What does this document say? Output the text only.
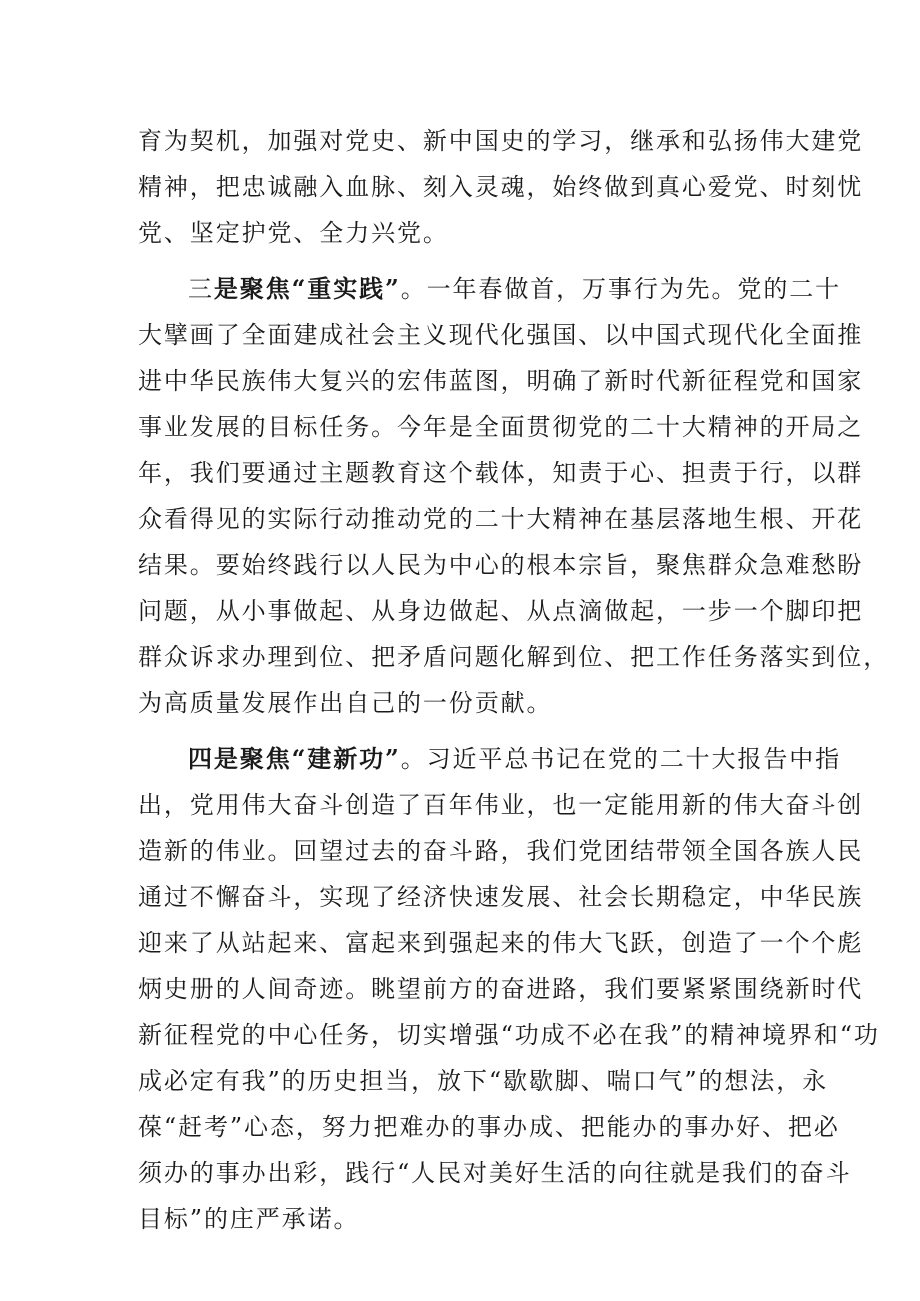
育为契机，加强对党史、新中国史的学习，继承和弘扬伟大建党
精神，把忠诚融入血脉、刻入灵魂，始终做到真心爱党、时刻忧
党、坚定护党、全力兴党。
三是聚焦“重实践”。一年春做首，万事行为先。党的二十
大擘画了全面建成社会主义现代化强国、以中国式现代化全面推
进中华民族伟大复兴的宏伟蓝图，明确了新时代新征程党和国家
事业发展的目标任务。今年是全面贯彻党的二十大精神的开局之
年，我们要通过主题教育这个载体，知责于心、担责于行，以群
众看得见的实际行动推动党的二十大精神在基层落地生根、开花
结果。要始终践行以人民为中心的根本宗旨，聚焦群众急难愁盼
问题，从小事做起、从身边做起、从点滴做起，一步一个脚印把
群众诉求办理到位、把矛盾问题化解到位、把工作任务落实到位，
为高质量发展作出自己的一份贡献。
四是聚焦“建新功”。习近平总书记在党的二十大报告中指
出，党用伟大奋斗创造了百年伟业，也一定能用新的伟大奋斗创
造新的伟业。回望过去的奋斗路，我们党团结带领全国各族人民
通过不懈奋斗，实现了经济快速发展、社会长期稳定，中华民族
迎来了从站起来、富起来到强起来的伟大飞跃，创造了一个个彪
炳史册的人间奇迹。眺望前方的奋进路，我们要紧紧围绕新时代
新征程党的中心任务，切实增强“功成不必在我”的精神境界和“功
成必定有我”的历史担当，放下“歇歇脚、喘口气”的想法，永
葆“赶考”心态，努力把难办的事办成、把能办的事办好、把必
须办的事办出彩，践行“人民对美好生活的向往就是我们的奋斗
目标”的庄严承诺。
